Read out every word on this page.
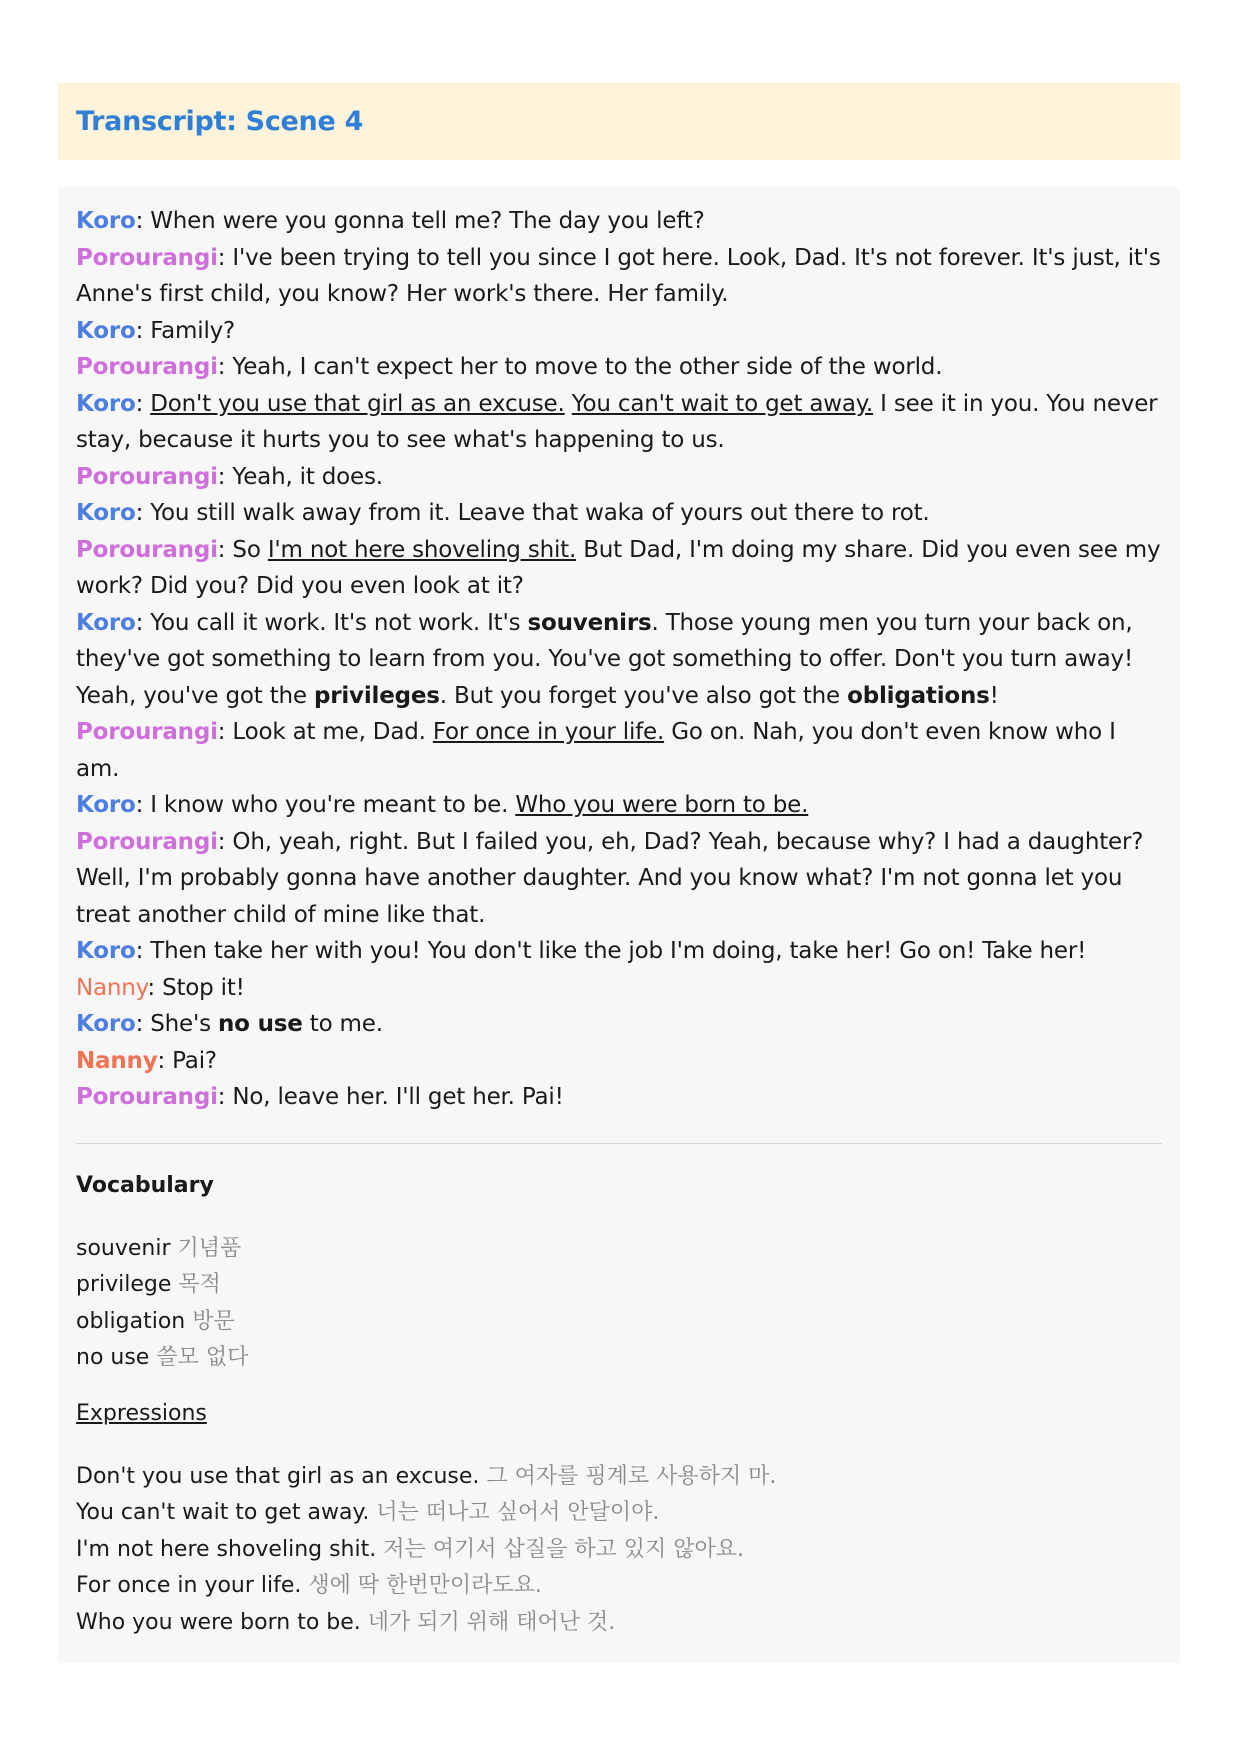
Transcript: Scene 4

Koro: When were you gonna tell me? The day you left?

Porourangi: I've been trying to tell you since I got here. Look, Dad. It's not forever. It's just, it's Anne's first child, you know? Her work's there. Her family.

Koro: Family?

Porourangi: Yeah, I can't expect her to move to the other side of the world.

Koro: Don't you use that girl as an excuse. You can't wait to get away. I see it in you. You never stay, because it hurts you to see what's happening to us.

Porourangi: Yeah, it does.

Koro: You still walk away from it. Leave that waka of yours out there to rot.

Porourangi: So I'm not here shoveling shit. But Dad, I'm doing my share. Did you even see my work? Did you? Did you even look at it?

Koro: You call it work. It's not work. It's souvenirs. Those young men you turn your back on, they've got something to learn from you. You've got something to offer. Don't you turn away! Yeah, you've got the privileges. But you forget you've also got the obligations!

Porourangi: Look at me, Dad. For once in your life. Go on. Nah, you don't even know who I am.

Koro: I know who you're meant to be. Who you were born to be.

Porourangi: Oh, yeah, right. But I failed you, eh, Dad? Yeah, because why? I had a daughter? Well, I'm probably gonna have another daughter. And you know what? I'm not gonna let you treat another child of mine like that.

Koro: Then take her with you! You don't like the job I'm doing, take her! Go on! Take her!

Nanny: Stop it!

Koro: She's no use to me.

Nanny: Pai?

Porourangi: No, leave her. I'll get her. Pai!

Vocabulary
souvenir 기념품
privilege 목적
obligation 방문
no use 쓸모 없다
Expressions
Don't you use that girl as an excuse. 그 여자를 핑계로 사용하지 마.
You can't wait to get away. 너는 떠나고 싶어서 안달이야.
I'm not here shoveling shit. 저는 여기서 삽질을 하고 있지 않아요.
For once in your life. 생에 딱 한번만이라도요.
Who you were born to be. 네가 되기 위해 태어난 것.
